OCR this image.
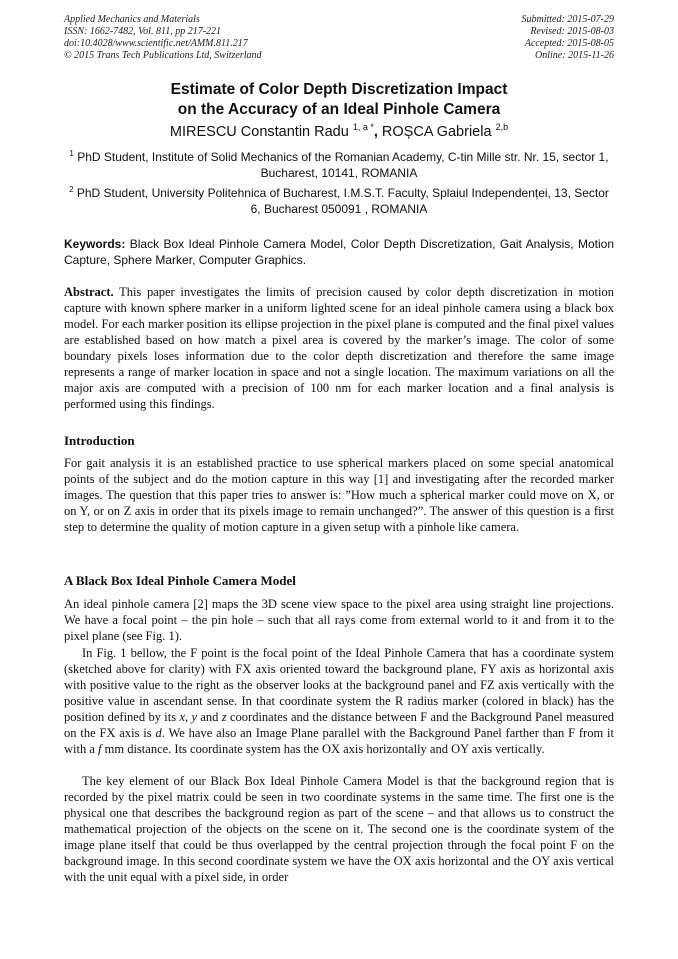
Applied Mechanics and Materials
ISSN: 1662-7482, Vol. 811, pp 217-221
doi:10.4028/www.scientific.net/AMM.811.217
© 2015 Trans Tech Publications Ltd, Switzerland
Submitted: 2015-07-29
Revised: 2015-08-03
Accepted: 2015-08-05
Online: 2015-11-26
Estimate of Color Depth Discretization Impact
on the Accuracy of an Ideal Pinhole Camera
MIRESCU Constantin Radu $^{1, a *}$, ROȘCA Gabriela $^{2,b}$
$^1$ PhD Student, Institute of Solid Mechanics of the Romanian Academy, C-tin Mille str. Nr. 15, sector 1, Bucharest, 10141, ROMANIA
$^2$ PhD Student, University Politehnica of Bucharest, I.M.S.T. Faculty, Splaiul Independenței, 13, Sector 6, Bucharest 050091 , ROMANIA
Keywords: Black Box Ideal Pinhole Camera Model, Color Depth Discretization, Gait Analysis, Motion Capture, Sphere Marker, Computer Graphics.
Abstract. This paper investigates the limits of precision caused by color depth discretization in motion capture with known sphere marker in a uniform lighted scene for an ideal pinhole camera using a black box model. For each marker position its ellipse projection in the pixel plane is computed and the final pixel values are established based on how match a pixel area is covered by the marker’s image. The color of some boundary pixels loses information due to the color depth discretization and therefore the same image represents a range of marker location in space and not a single location. The maximum variations on all the major axis are computed with a precision of 100 nm for each marker location and a final analysis is performed using this findings.
Introduction
For gait analysis it is an established practice to use spherical markers placed on some special anatomical points of the subject and do the motion capture in this way [1] and investigating after the recorded marker images. The question that this paper tries to answer is: ”How much a spherical marker could move on X, or on Y, or on Z axis in order that its pixels image to remain unchanged?”. The answer of this question is a first step to determine the quality of motion capture in a given setup with a pinhole like camera.
A Black Box Ideal Pinhole Camera Model
An ideal pinhole camera [2] maps the 3D scene view space to the pixel area using straight line projections. We have a focal point – the pin hole – such that all rays come from external world to it and from it to the pixel plane (see Fig. 1).
In Fig. 1 bellow, the F point is the focal point of the Ideal Pinhole Camera that has a coordinate system (sketched above for clarity) with FX axis oriented toward the background plane, FY axis as horizontal axis with positive value to the right as the observer looks at the background panel and FZ axis vertically with the positive value in ascendant sense. In that coordinate system the R radius marker (colored in black) has the position defined by its x, y and z coordinates and the distance between F and the Background Panel measured on the FX axis is d. We have also an Image Plane parallel with the Background Panel farther than F from it with a f mm distance. Its coordinate system has the OX axis horizontally and OY axis vertically.
The key element of our Black Box Ideal Pinhole Camera Model is that the background region that is recorded by the pixel matrix could be seen in two coordinate systems in the same time. The first one is the physical one that describes the background region as part of the scene – and that allows us to construct the mathematical projection of the objects on the scene on it. The second one is the coordinate system of the image plane itself that could be thus overlapped by the central projection through the focal point F on the background image. In this second coordinate system we have the OX axis horizontal and the OY axis vertical with the unit equal with a pixel side, in order
